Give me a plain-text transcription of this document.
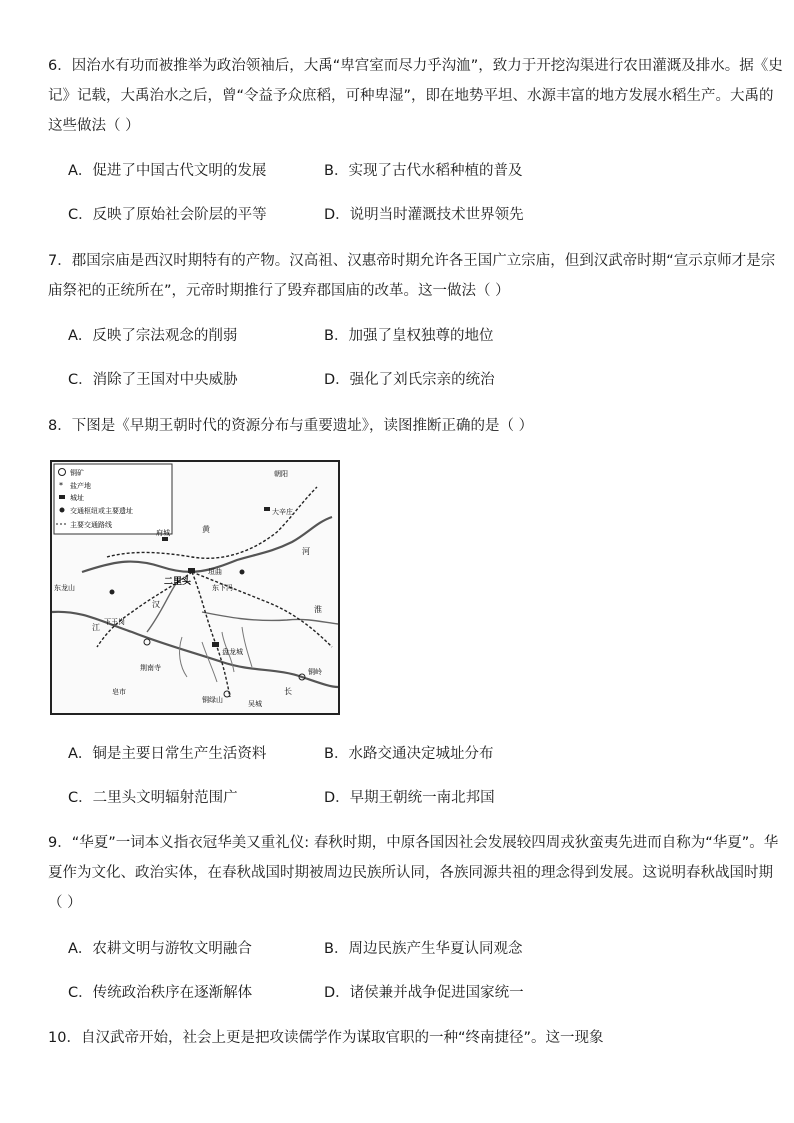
6．因治水有功而被推举为政治领袖后，大禹“卑宫室而尽力乎沟洫”，致力于开挖沟渠进行农田灌溉及排水。据《史
记》记载，大禹治水之后，曾“令益予众庶稻，可种卑湿”，即在地势平坦、水源丰富的地方发展水稻生产。大禹的
这些做法（ ）
A．促进了中国古代文明的发展	B．实现了古代水稻种植的普及
C．反映了原始社会阶层的平等	D．说明当时灌溉技术世界领先
7．郡国宗庙是西汉时期特有的产物。汉高祖、汉惠帝时期允许各王国广立宗庙，但到汉武帝时期“宣示京师才是宗
庙祭祀的正统所在”，元帝时期推行了毁弃郡国庙的改革。这一做法（ ）
A．反映了宗法观念的削弱	B．加强了皇权独尊的地位
C．消除了王国对中央威胁	D．强化了刘氏宗亲的统治
8．下图是《早期王朝时代的资源分布与重要遗址》，读图推断正确的是（ ）
铜矿
* 盐产地
城址
交通枢纽或主要遗址
主要交通路线
朝阳
大辛庄
府城
二里头
东龙山
下王岗
盘龙城
荆南寺
皂市
铜岭
铜绿山	吴城
河
黄
江
长
汉
淮
垣曲
东下冯
A．铜是主要日常生产生活资料	B．水路交通决定城址分布
C．二里头文明辐射范围广	D．早期王朝统一南北邦国
9．“华夏”一词本义指衣冠华美又重礼仪: 春秋时期，中原各国因社会发展较四周戎狄蛮夷先进而自称为“华夏”。华
夏作为文化、政治实体，在春秋战国时期被周边民族所认同，各族同源共祖的理念得到发展。这说明春秋战国时期
（ ）
A．农耕文明与游牧文明融合	B．周边民族产生华夏认同观念
C．传统政治秩序在逐渐解体	D．诸侯兼并战争促进国家统一
10．自汉武帝开始，社会上更是把攻读儒学作为谋取官职的一种“终南捷径”。这一现象
